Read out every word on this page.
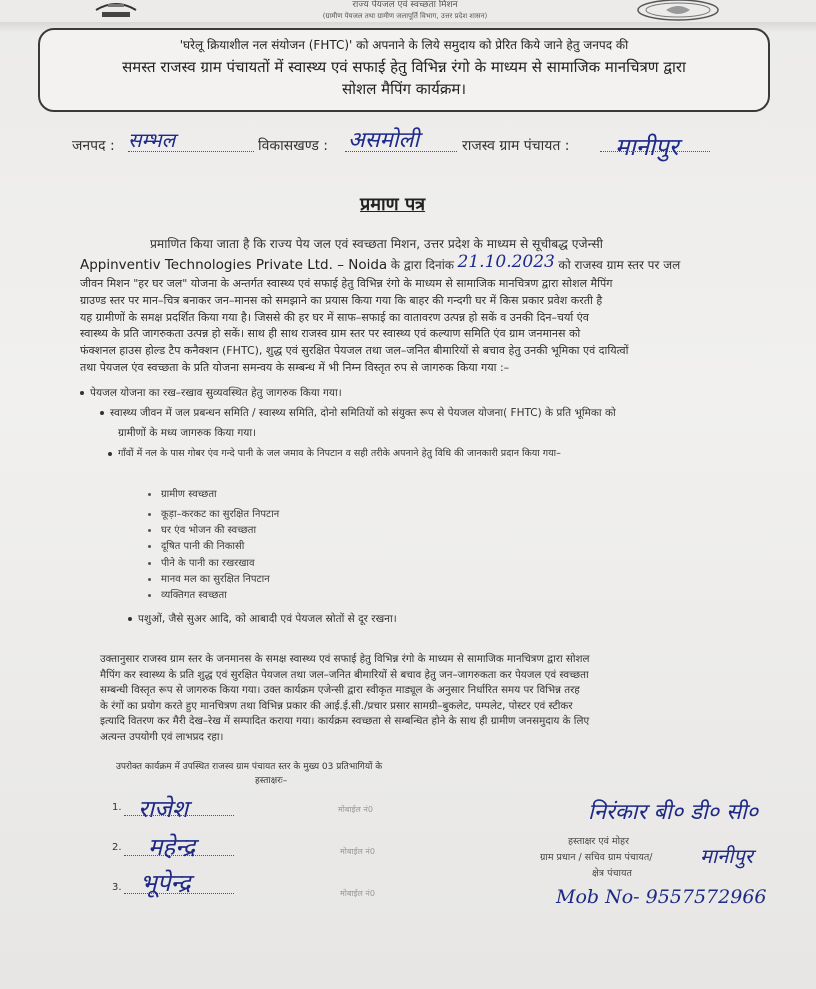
राज्य पेयजल एवं स्वच्छता मिशन
(ग्रामीण पेयजल तथा ग्रामीण जलापूर्ति विभाग, उत्तर प्रदेश शासन)
'घरेलू क्रियाशील नल संयोजन (FHTC)' को अपनाने के लिये समुदाय को प्रेरित किये जाने हेतु जनपद की
समस्त राजस्व ग्राम पंचायतों में स्वास्थ्य एवं सफाई हेतु विभिन्न रंगो के माध्यम से सामाजिक मानचित्रण द्वारा
सोशल मैपिंग कार्यक्रम।
जनपद : सम्भल	विकासखण्ड : असमोली	राजस्व ग्राम पंचायत : मानीपुर
प्रमाण पत्र
प्रमाणित किया जाता है कि राज्य पेय जल एवं स्वच्छता मिशन, उत्तर प्रदेश के माध्यम से सूचीबद्ध एजेन्सी
Appinventiv Technologies Private Ltd. – Noida के द्वारा दिनांक 21.10.2023 को राजस्व ग्राम स्तर पर जल
जीवन मिशन "हर घर जल" योजना के अन्तर्गत स्वास्थ्य एवं सफाई हेतु विभिन्न रंगो के माध्यम से सामाजिक मानचित्रण द्वारा सोशल मैपिंग
ग्राउण्ड स्तर पर मान–चित्र बनाकर जन–मानस को समझाने का प्रयास किया गया कि बाहर की गन्दगी घर में किस प्रकार प्रवेश करती है
यह ग्रामीणों के समक्ष प्रदर्शित किया गया है। जिससे की हर घर में साफ–सफाई का वातावरण उत्पन्न हो सकें व उनकी दिन–चर्या एंव
स्वास्थ्य के प्रति जागरुकता उत्पन्न हो सकें। साथ ही साथ राजस्व ग्राम स्तर पर स्वास्थ्य एवं कल्याण समिति एंव ग्राम जनमानस को
फंक्शनल हाउस होल्ड टैप कनैक्शन (FHTC), शुद्ध एवं सुरक्षित पेयजल तथा जल–जनित बीमारियों से बचाव हेतु उनकी भूमिका एवं दायित्वों
तथा पेयजल एंव स्वच्छता के प्रति योजना समन्वय के सम्बन्ध में भी निम्न विस्तृत रुप से जागरुक किया गया :–
पेयजल योजना का रख–रखाव सुव्यवस्थित हेतु जागरुक किया गया।
स्वास्थ्य जीवन में जल प्रबन्धन समिति / स्वास्थ्य समिति, दोनो समितियों को संयुक्त रूप से पेयजल योजना( FHTC) के प्रति भूमिका को
ग्रामीणों के मध्य जागरुक किया गया।
गाँवों में नल के पास गोबर एंव गन्दे पानी के जल जमाव के निपटान व सही तरीके अपनाने हेतु विधि की जानकारी प्रदान किया गया–
ग्रामीण स्वच्छता
कूड़ा–करकट का सुरक्षित निपटान
घर एंव भोजन की स्वच्छता
दूषित पानी की निकासी
पीने के पानी का रखरखाव
मानव मल का सुरक्षित निपटान
व्यक्तिगत स्वच्छता
पशुओं, जैसे सुअर आदि, को आबादी एवं पेयजल स्रोतों से दूर रखना।
उक्तानुसार राजस्व ग्राम स्तर के जनमानस के समक्ष स्वास्थ्य एवं सफाई हेतु विभिन्न रंगो के माध्यम से सामाजिक मानचित्रण द्वारा सोशल
मैपिंग कर स्वास्थ्य के प्रति शुद्ध एवं सुरक्षित पेयजल तथा जल–जनित बीमारियों से बचाव हेतु जन–जागरुकता कर पेयजल एवं स्वच्छता
सम्बन्धी विस्तृत रूप से जागरुक किया गया। उक्त कार्यक्रम एजेन्सी द्वारा स्वीकृत माड्यूल के अनुसार निर्धारित समय पर विभिन्न तरह
के रंगों का प्रयोग करते हुए मानचित्रण तथा विभिन्न प्रकार की आई.ई.सी./प्रचार प्रसार सामग्री–बुकलेट, पम्पलेट, पोस्टर एवं स्टीकर
इत्यादि वितरण कर मैरी देख–रेख में सम्पादित कराया गया। कार्यक्रम स्वच्छता से सम्बन्धित होने के साथ ही ग्रामीण जनसमुदाय के लिए
अत्यन्त उपयोगी एवं लाभप्रद रहा।
उपरोक्त कार्यक्रम में उपस्थित राजस्व ग्राम पंचायत स्तर के मुख्य 03 प्रतिभागियों के
हस्ताक्षरः–
1. राजेश	मोबाईल नं0
2. महेन्द्र	मोबाईल नं0
3. भूपेन्द्र	मोबाईल नं0
निरंकार बी० डी० सी०
हस्ताक्षर एवं मोहर
ग्राम प्रधान / सचिव ग्राम पंचायत/ मानीपुर
क्षेत्र पंचायत
Mob No- 9557572966
